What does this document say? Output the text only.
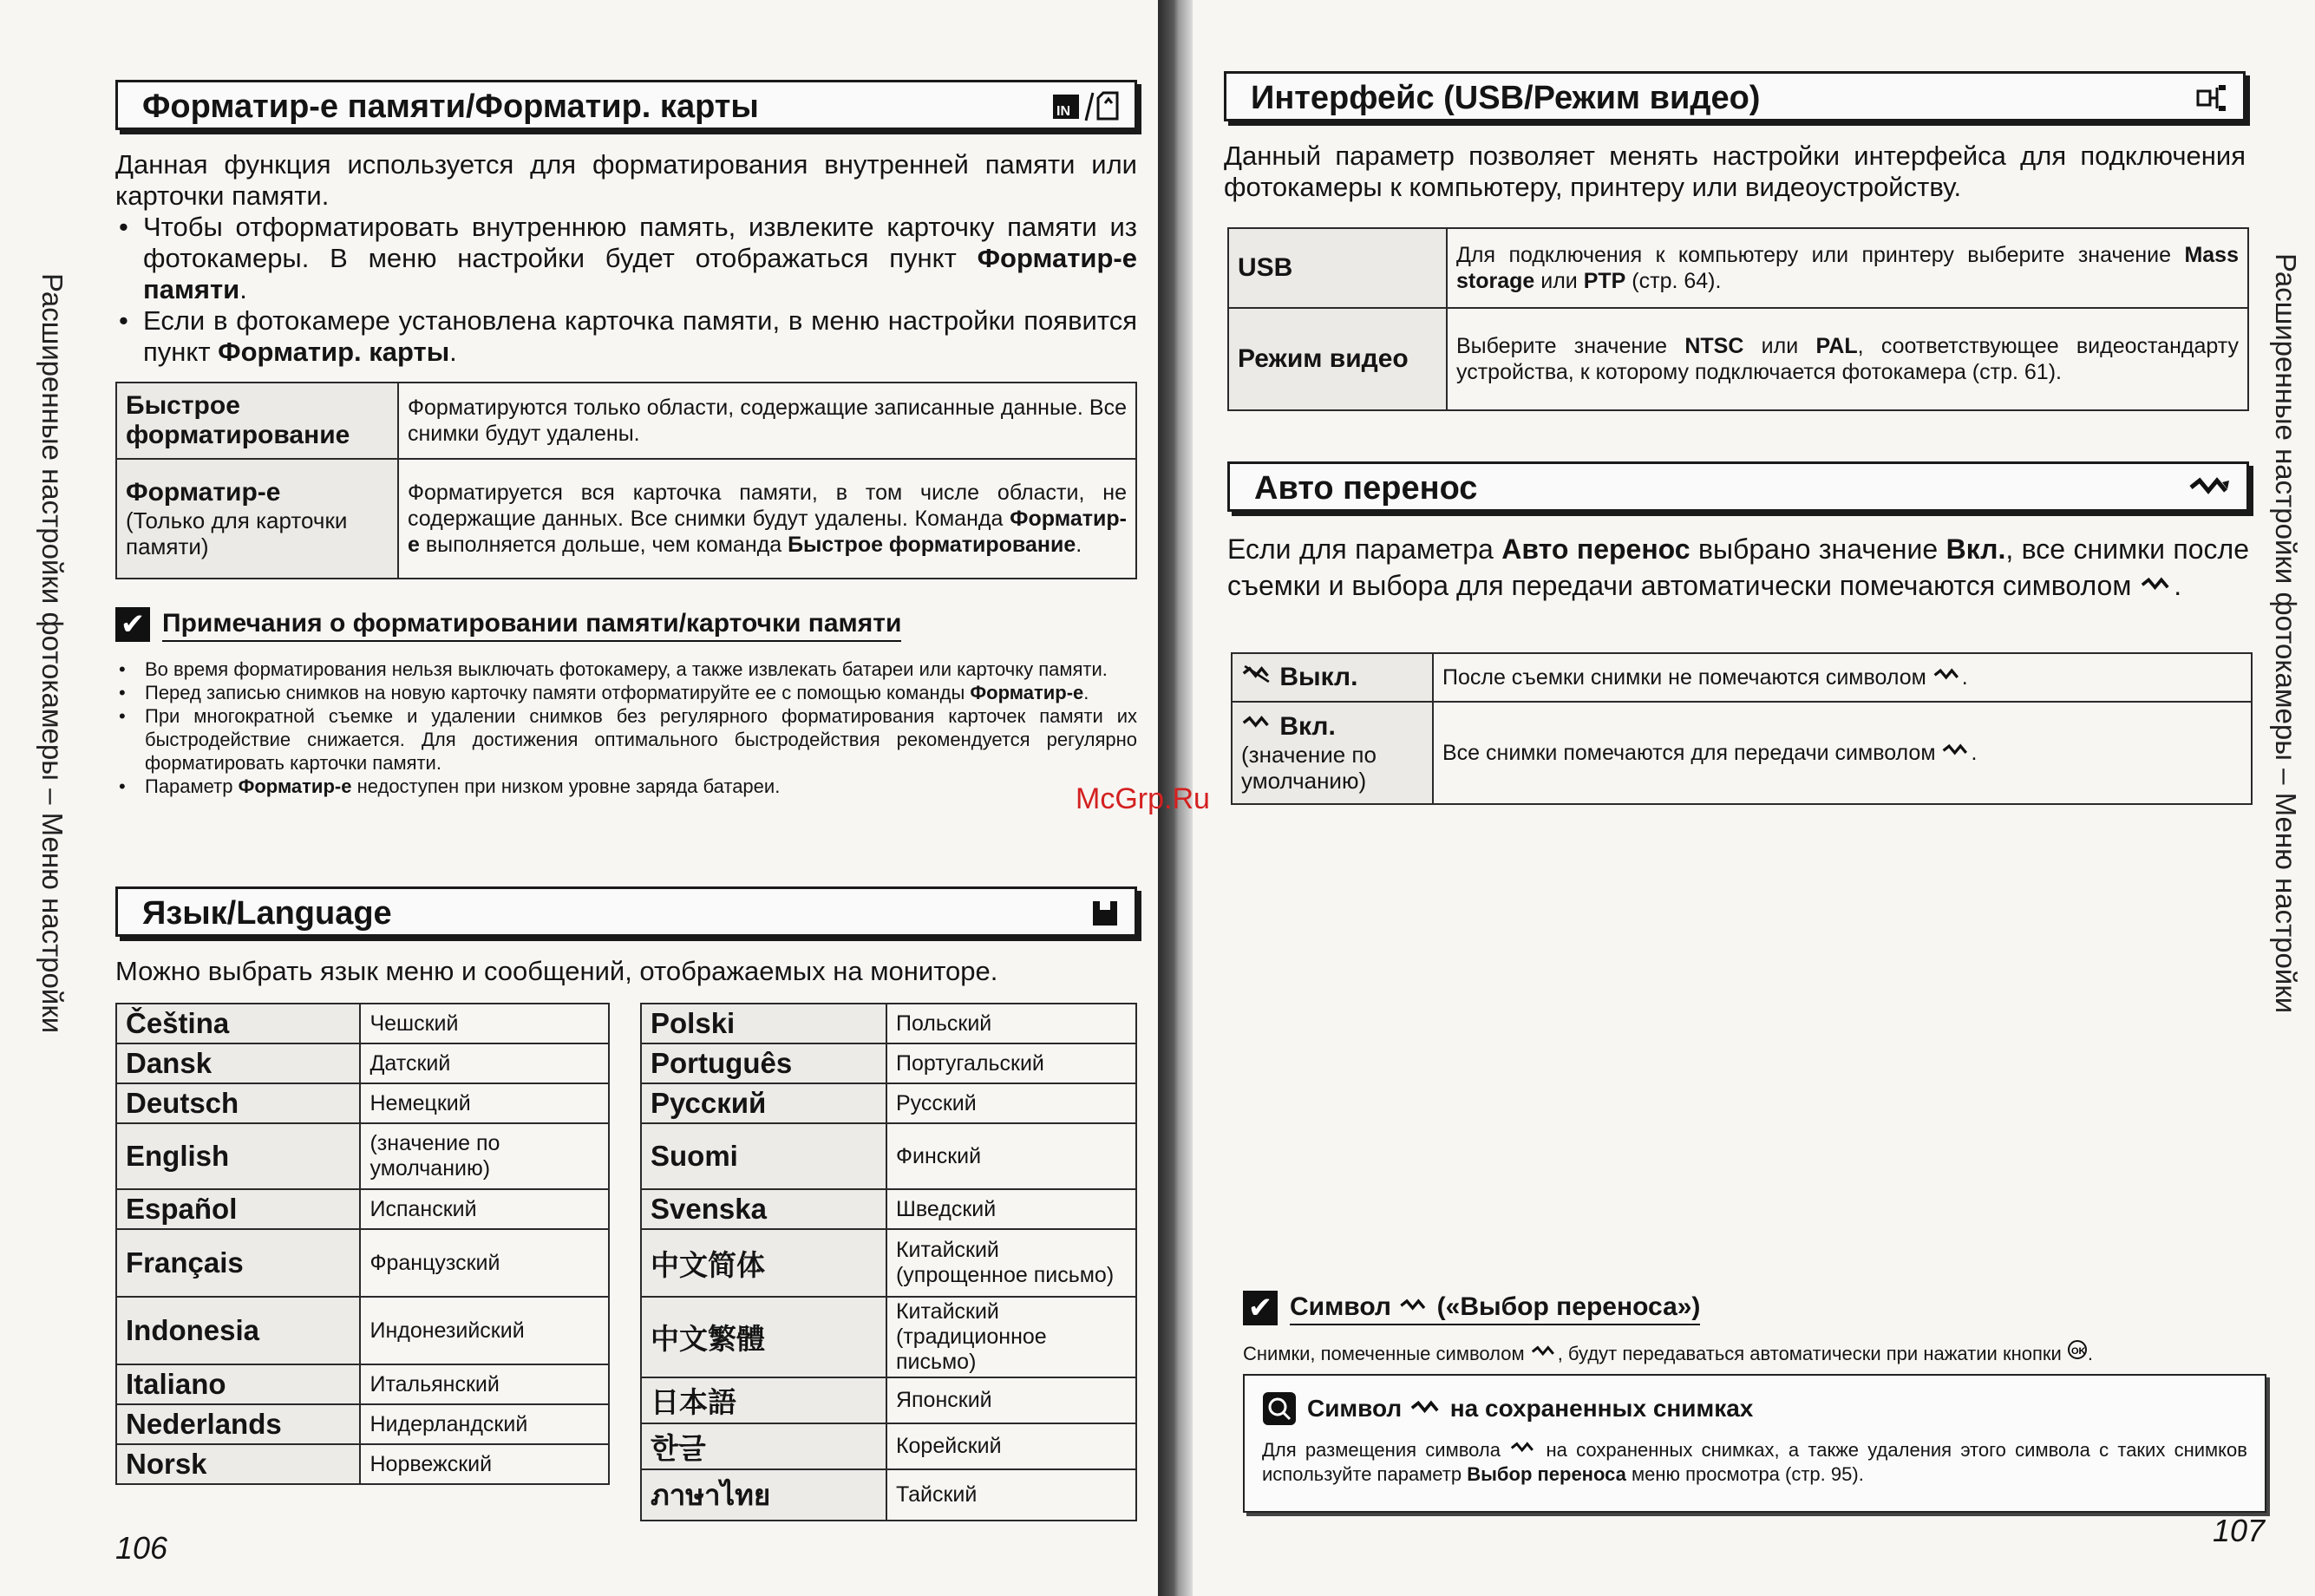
Форматир-е памяти/Форматир. карты	IN

Данная функция используется для форматирования внутренней памяти или карточки памяти.

• Чтобы отформатировать внутреннюю память, извлеките карточку памяти из фотокамеры. В меню настройки будет отображаться пункт Форматир-е памяти.
• Если в фотокамере установлена карточка памяти, в меню настройки появится пункт Форматир. карты.
Быстрое форматирование	Форматируются только области, содержащие записанные данные. Все снимки будут удалены.
Форматир-е
(Только для карточки памяти)	Форматируется вся карточка памяти, в том числе области, не содержащие данных. Все снимки будут удалены. Команда Форматир-е выполняется дольше, чем команда Быстрое форматирование.
✔ Примечания о форматировании памяти/карточки памяти
• Во время форматирования нельзя выключать фотокамеру, а также извлекать батареи или карточку памяти.
• Перед записью снимков на новую карточку памяти отформатируйте ее с помощью команды Форматир-е.
• При многократной съемке и удалении снимков без регулярного форматирования карточек памяти их быстродействие снижается. Для достижения оптимального быстродействия рекомендуется регулярно форматировать карточки памяти.
• Параметр Форматир-е недоступен при низком уровне заряда батареи.
Язык/Language
Можно выбрать язык меню и сообщений, отображаемых на мониторе.
Čeština	Чешский
Dansk	Датский
Deutsch	Немецкий
English	(значение по умолчанию)
Español	Испанский
Français	Французский
Indonesia	Индонезийский
Italiano	Итальянский
Nederlands	Нидерландский
Norsk	Норвежский
Polski	Польский
Português	Португальский
Русский	Русский
Suomi	Финский
Svenska	Шведский
中文简体	Китайский (упрощенное письмо)
中文繁體	Китайский (традиционное письмо)
日本語	Японский
한글	Корейский
ภาษาไทย	Тайский
Расширенные настройки фотокамеры – Меню настройки
106
Интерфейс (USB/Режим видео)
Данный параметр позволяет менять настройки интерфейса для подключения фотокамеры к компьютеру, принтеру или видеоустройству.
USB	Для подключения к компьютеру или принтеру выберите значение Mass storage или PTP (стр. 64).
Режим видео	Выберите значение NTSC или PAL, соответствующее видеостандарту устройства, к которому подключается фотокамера (стр. 61).
Авто перенос
Если для параметра Авто перенос выбрано значение Вкл., все снимки после съемки и выбора для передачи автоматически помечаются символом .
Выкл.	После съемки снимки не помечаются символом .
Вкл.
(значение по умолчанию)	Все снимки помечаются для передачи символом .
✔ Символ («Выбор переноса»)
Снимки, помеченные символом , будут передаваться автоматически при нажатии кнопки OK .
Символ

на сохраненных снимках
Для размещения символа на сохраненных снимках, а также удаления этого символа с таких снимков используйте параметр Выбор переноса меню просмотра (стр. 95).
Расширенные настройки фотокамеры – Меню настройки
107
McGrp.Ru
